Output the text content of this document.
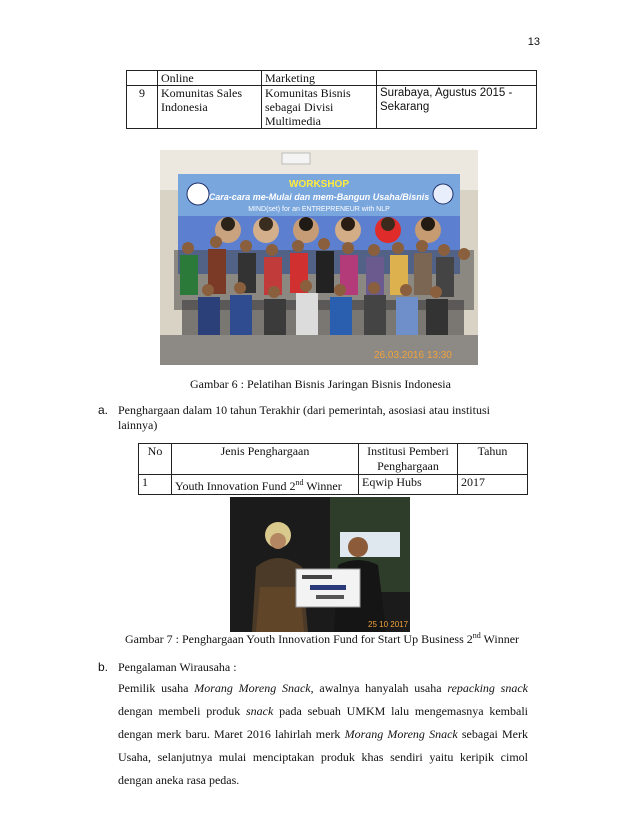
13
	Online	Marketing	
9	Komunitas Sales Indonesia	Komunitas Bisnis sebagai Divisi Multimedia	Surabaya, Agustus 2015 - Sekarang
26.03.2016 13:30
WORKSHOP
Cara-cara me-Mulai dan mem-Bangun Usaha/Bisnis
MIND(set) for an ENTREPRENEUR with NLP
Gambar 6 : Pelatihan Bisnis Jaringan Bisnis Indonesia
a. Penghargaan dalam 10 tahun Terakhir (dari pemerintah, asosiasi atau institusi lainnya)
No	Jenis Penghargaan	Institusi Pemberi Penghargaan	Tahun
1	Youth Innovation Fund 2nd Winner	Eqwip Hubs	2017
25 10 2017
Gambar 7 : Penghargaan Youth Innovation Fund for Start Up Business 2nd Winner
b. Pengalaman Wirausaha :
Pemilik usaha Morang Moreng Snack, awalnya hanyalah usaha repacking snack dengan membeli produk snack pada sebuah UMKM lalu mengemasnya kembali dengan merk baru. Maret 2016 lahirlah merk Morang Moreng Snack sebagai Merk Usaha, selanjutnya mulai menciptakan produk khas sendiri yaitu keripik cimol dengan aneka rasa pedas.
